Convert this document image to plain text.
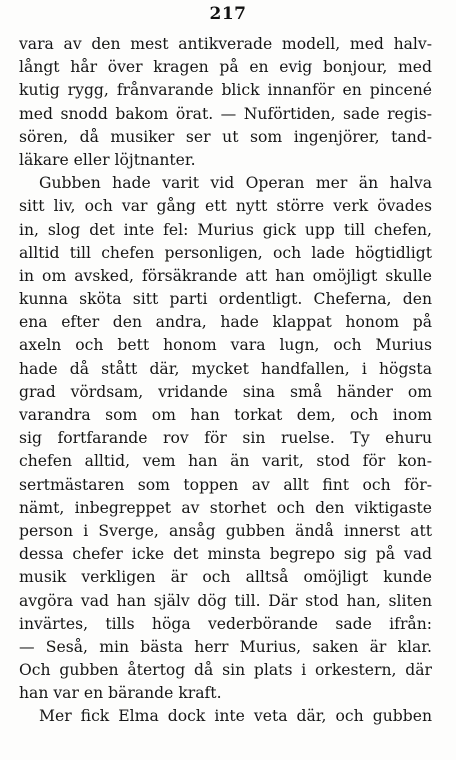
217
vara av den mest antikverade modell, med halv-
långt hår över kragen på en evig bonjour, med
kutig rygg, frånvarande blick innanför en pincené
med snodd bakom örat. — Nuförtiden, sade regis-
sören, då musiker ser ut som ingenjörer, tand-
läkare eller löjtnanter.
Gubben hade varit vid Operan mer än halva
sitt liv, och var gång ett nytt större verk övades
in, slog det inte fel: Murius gick upp till chefen,
alltid till chefen personligen, och lade högtidligt
in om avsked, försäkrande att han omöjligt skulle
kunna sköta sitt parti ordentligt. Cheferna, den
ena efter den andra, hade klappat honom på
axeln och bett honom vara lugn, och Murius
hade då stått där, mycket handfallen, i högsta
grad vördsam, vridande sina små händer om
varandra som om han torkat dem, och inom
sig fortfarande rov för sin ruelse. Ty ehuru
chefen alltid, vem han än varit, stod för kon-
sertmästaren som toppen av allt fint och för-
nämt, inbegreppet av storhet och den viktigaste
person i Sverge, ansåg gubben ändå innerst att
dessa chefer icke det minsta begrepo sig på vad
musik verkligen är och alltså omöjligt kunde
avgöra vad han själv dög till. Där stod han, sliten
invärtes, tills höga vederbörande sade ifrån:
— Seså, min bästa herr Murius, saken är klar.
Och gubben återtog då sin plats i orkestern, där
han var en bärande kraft.
Mer fick Elma dock inte veta där, och gubben
